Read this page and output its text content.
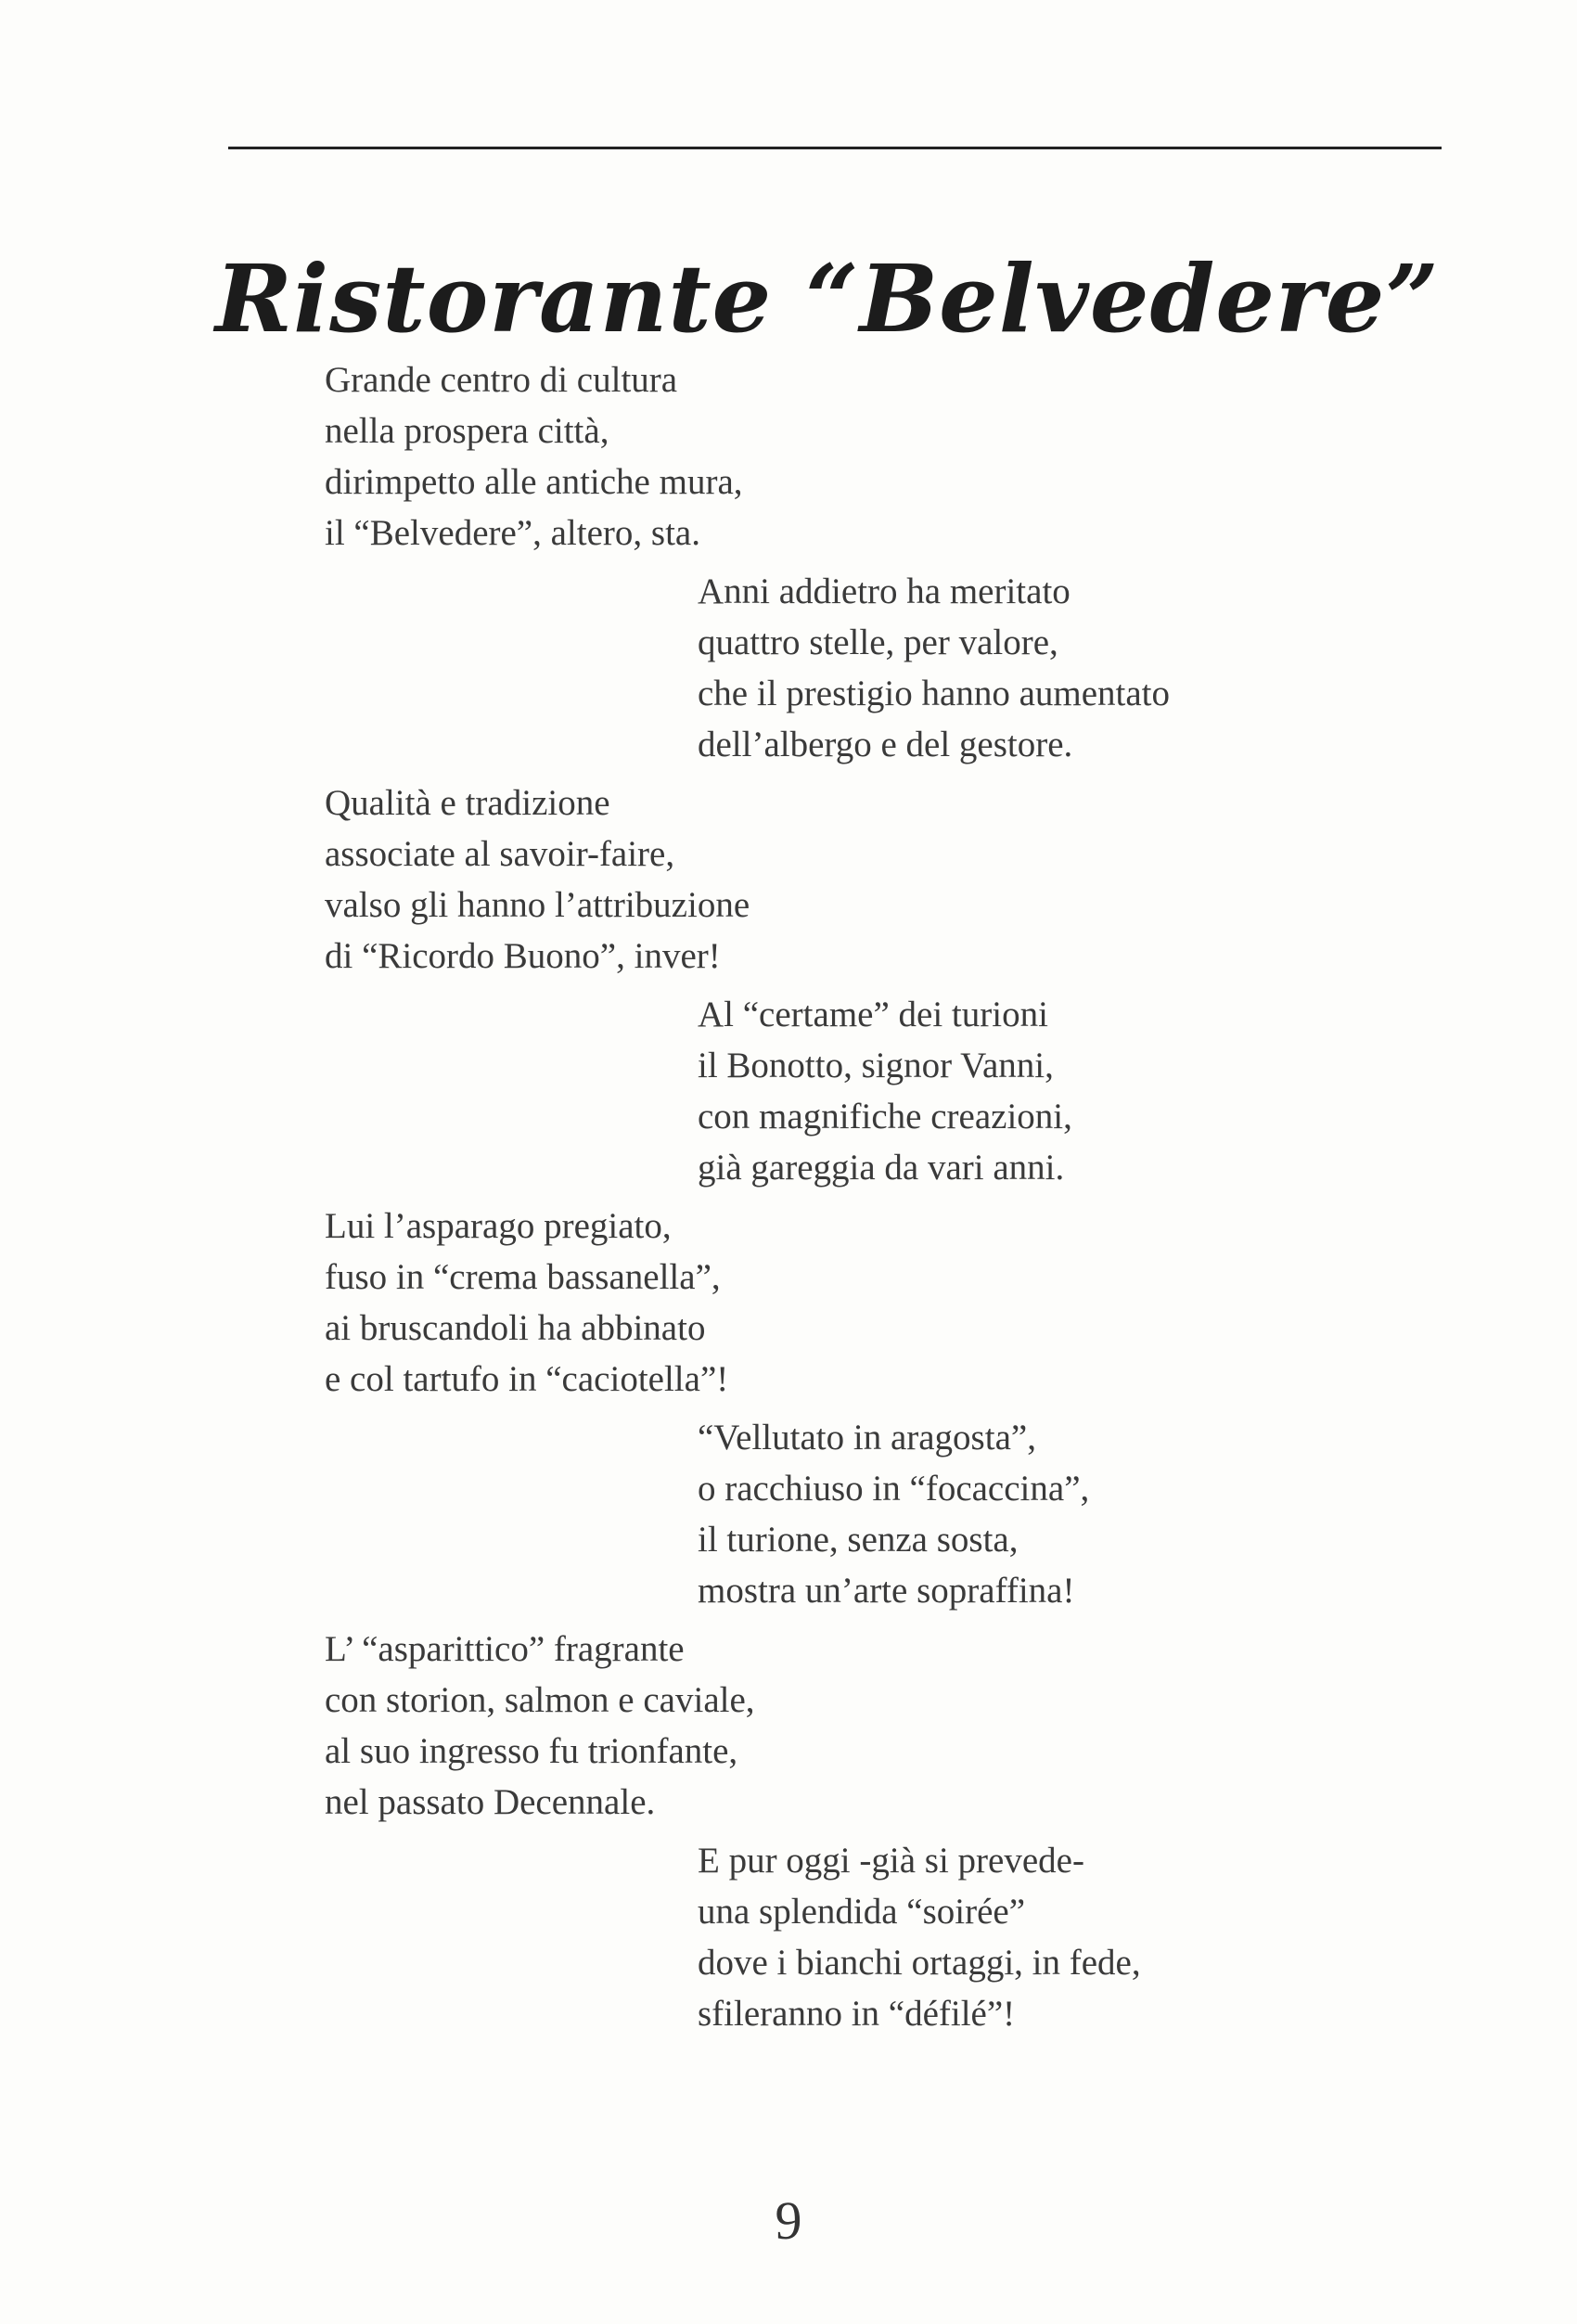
Ristorante “Belvedere”
Grande centro di cultura
nella prospera città,
dirimpetto alle antiche mura,
il “Belvedere”, altero, sta.
Anni addietro ha meritato
quattro stelle, per valore,
che il prestigio hanno aumentato
dell’albergo e del gestore.
Qualità e tradizione
associate al savoir-faire,
valso gli hanno l’attribuzione
di “Ricordo Buono”, inver!
Al “certame” dei turioni
il Bonotto, signor Vanni,
con magnifiche creazioni,
già gareggia da vari anni.
Lui l’asparago pregiato,
fuso in “crema bassanella”,
ai bruscandoli ha abbinato
e col tartufo in “caciotella”!
“Vellutato in aragosta”,
o racchiuso in “focaccina”,
il turione, senza sosta,
mostra un’arte sopraffina!
L’ “asparittico” fragrante
con storion, salmon e caviale,
al suo ingresso fu trionfante,
nel passato Decennale.
E pur oggi -già si prevede-
una splendida “soirée”
dove i bianchi ortaggi, in fede,
sfileranno in “défilé”!
9
